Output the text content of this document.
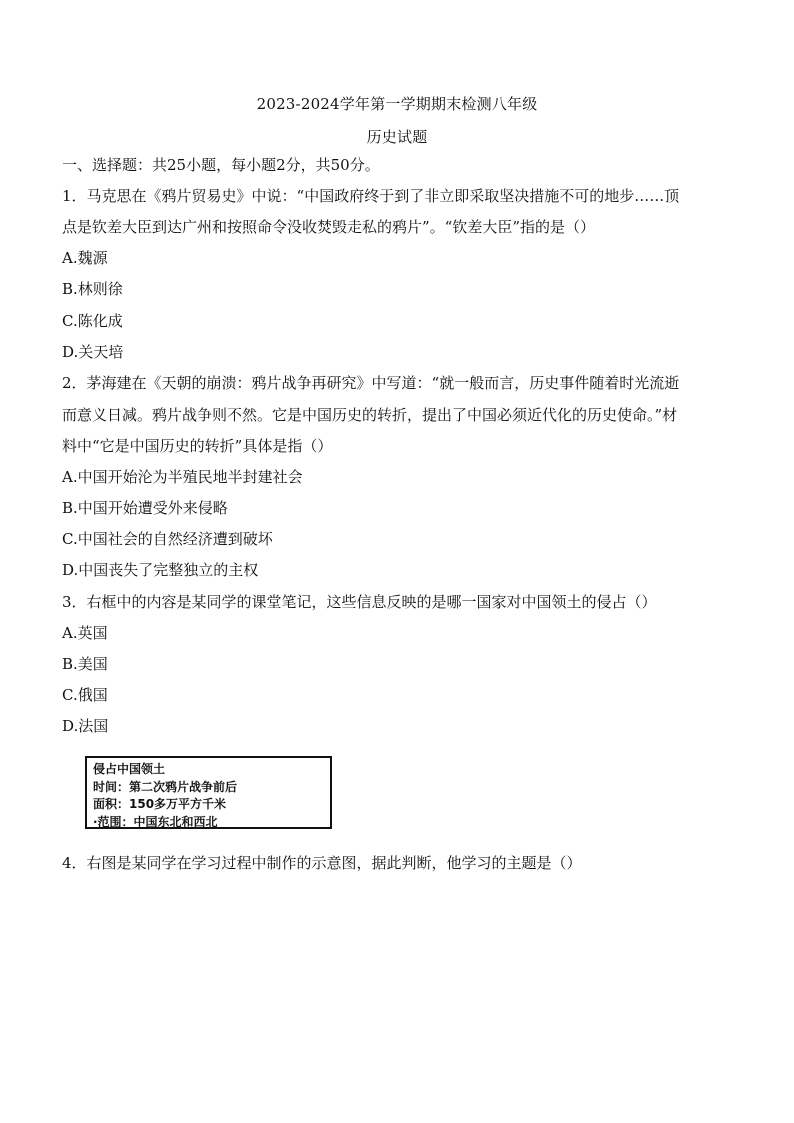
2023-2024学年第一学期期末检测八年级
历史试题
一、选择题：共25小题，每小题2分，共50分。
1．马克思在《鸦片贸易史》中说：“中国政府终于到了非立即采取坚决措施不可的地步……顶
点是钦差大臣到达广州和按照命令没收焚毁走私的鸦片”。“钦差大臣”指的是（）
A.魏源
B.林则徐
C.陈化成
D.关天培
2．茅海建在《天朝的崩溃：鸦片战争再研究》中写道：“就一般而言，历史事件随着时光流逝
而意义日减。鸦片战争则不然。它是中国历史的转折，提出了中国必须近代化的历史使命。”材
料中“它是中国历史的转折”具体是指（）
A.中国开始沦为半殖民地半封建社会
B.中国开始遭受外来侵略
C.中国社会的自然经济遭到破坏
D.中国丧失了完整独立的主权
3．右框中的内容是某同学的课堂笔记，这些信息反映的是哪一国家对中国领土的侵占（）
A.英国
B.美国
C.俄国
D.法国
侵占中国领土
时间：第二次鸦片战争前后
面积：150多万平方千米
·范围：中国东北和西北
4．右图是某同学在学习过程中制作的示意图，据此判断，他学习的主题是（）
